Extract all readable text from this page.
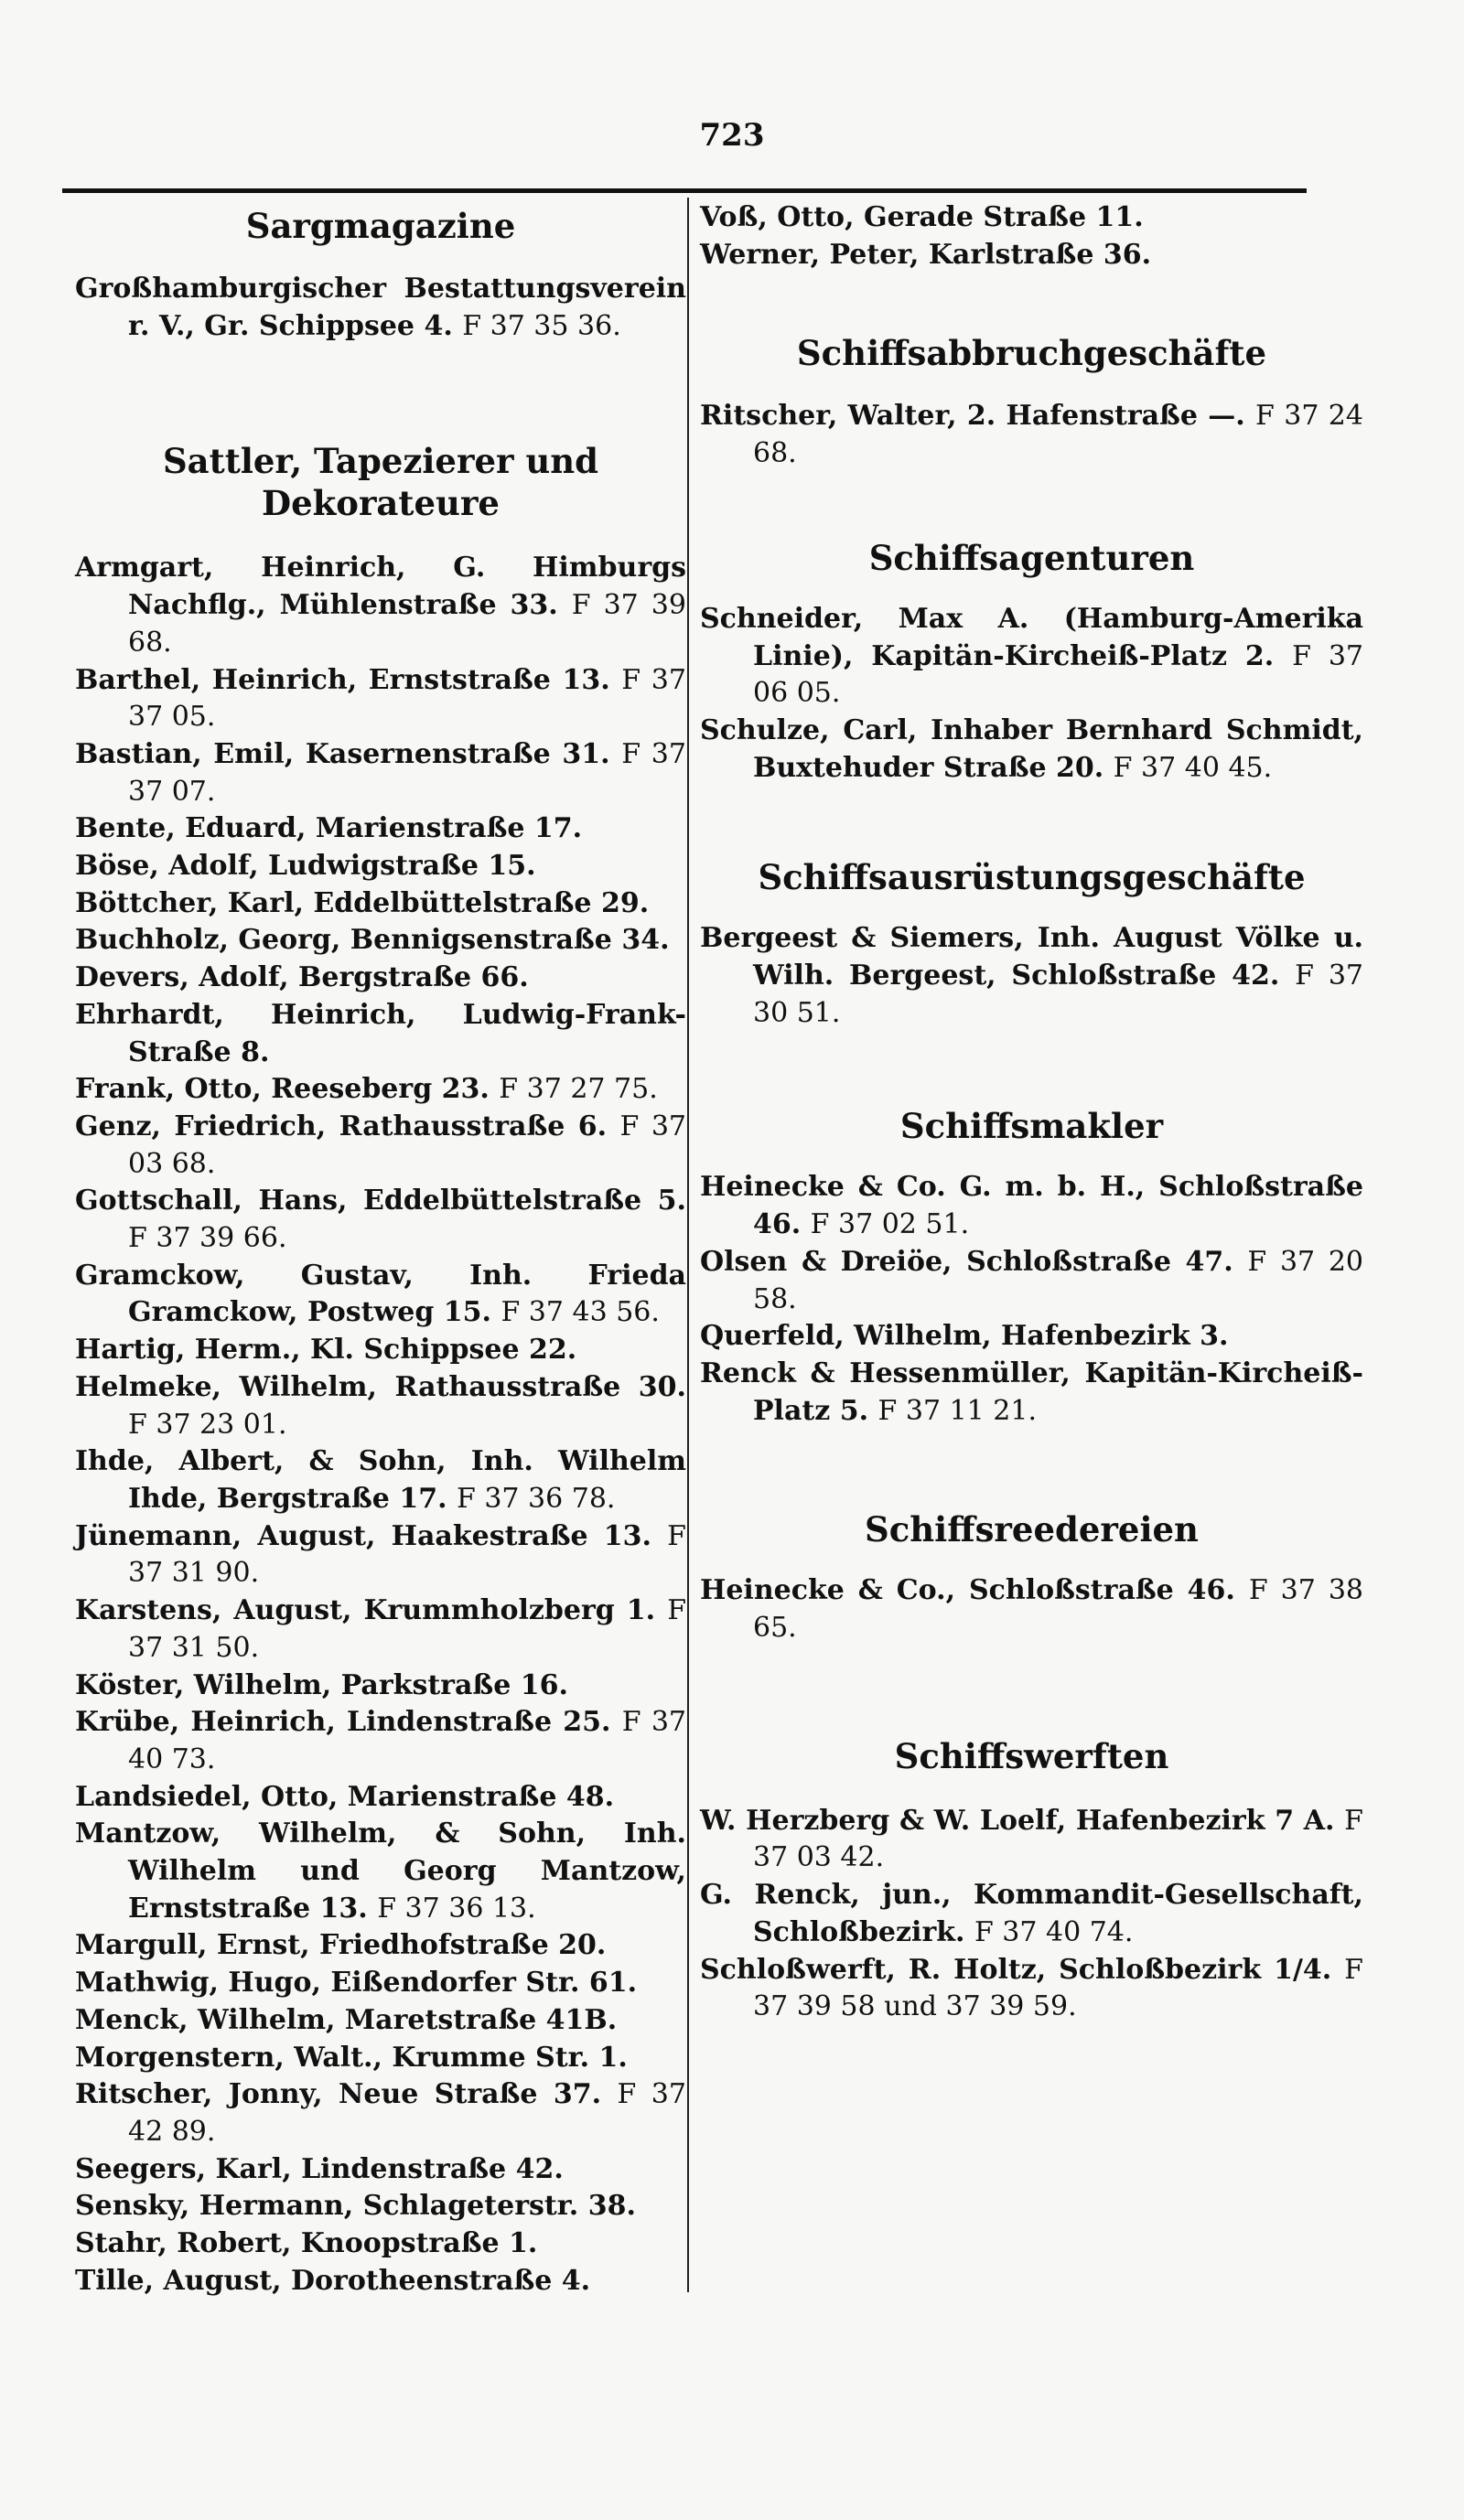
723
Sargmagazine
Großhamburgischer Bestattungsverein r. V., Gr. Schippsee 4. F 37 35 36.
Sattler, Tapezierer und Dekorateure
Armgart, Heinrich, G. Himburgs Nachflg., Mühlenstraße 33. F 37 39 68.
Barthel, Heinrich, Ernststraße 13. F 37 37 05.
Bastian, Emil, Kasernenstraße 31. F 37 37 07.
Bente, Eduard, Marienstraße 17.
Böse, Adolf, Ludwigstraße 15.
Böttcher, Karl, Eddelbüttelstraße 29.
Buchholz, Georg, Bennigsenstraße 34.
Devers, Adolf, Bergstraße 66.
Ehrhardt, Heinrich, Ludwig-Frank-Straße 8.
Frank, Otto, Reeseberg 23. F 37 27 75.
Genz, Friedrich, Rathausstraße 6. F 37 03 68.
Gottschall, Hans, Eddelbüttelstraße 5. F 37 39 66.
Gramckow, Gustav, Inh. Frieda Gramckow, Postweg 15. F 37 43 56.
Hartig, Herm., Kl. Schippsee 22.
Helmeke, Wilhelm, Rathausstraße 30. F 37 23 01.
Ihde, Albert, & Sohn, Inh. Wilhelm Ihde, Bergstraße 17. F 37 36 78.
Jünemann, August, Haakestraße 13. F 37 31 90.
Karstens, August, Krummholzberg 1. F 37 31 50.
Köster, Wilhelm, Parkstraße 16.
Krübe, Heinrich, Lindenstraße 25. F 37 40 73.
Landsiedel, Otto, Marienstraße 48.
Mantzow, Wilhelm, & Sohn, Inh. Wilhelm und Georg Mantzow, Ernststraße 13. F 37 36 13.
Margull, Ernst, Friedhofstraße 20.
Mathwig, Hugo, Eißendorfer Str. 61.
Menck, Wilhelm, Maretstraße 41B.
Morgenstern, Walt., Krumme Str. 1.
Ritscher, Jonny, Neue Straße 37. F 37 42 89.
Seegers, Karl, Lindenstraße 42.
Sensky, Hermann, Schlageterstr. 38.
Stahr, Robert, Knoopstraße 1.
Tille, August, Dorotheenstraße 4.
Voß, Otto, Gerade Straße 11.
Werner, Peter, Karlstraße 36.
Schiffsabbruchgeschäfte
Ritscher, Walter, 2. Hafenstraße —. F 37 24 68.
Schiffsagenturen
Schneider, Max A. (Hamburg-Amerika Linie), Kapitän-Kircheiß-Platz 2. F 37 06 05.
Schulze, Carl, Inhaber Bernhard Schmidt, Buxtehuder Straße 20. F 37 40 45.
Schiffsausrüstungsgeschäfte
Bergeest & Siemers, Inh. August Völke u. Wilh. Bergeest, Schloßstraße 42. F 37 30 51.
Schiffsmakler
Heinecke & Co. G. m. b. H., Schloßstraße 46. F 37 02 51.
Olsen & Dreiöe, Schloßstraße 47. F 37 20 58.
Querfeld, Wilhelm, Hafenbezirk 3.
Renck & Hessenmüller, Kapitän-Kircheiß-Platz 5. F 37 11 21.
Schiffsreedereien
Heinecke & Co., Schloßstraße 46. F 37 38 65.
Schiffswerften
W. Herzberg & W. Loelf, Hafenbezirk 7 A. F 37 03 42.
G. Renck, jun., Kommandit-Gesellschaft, Schloßbezirk. F 37 40 74.
Schloßwerft, R. Holtz, Schloßbezirk 1/4. F 37 39 58 und 37 39 59.
